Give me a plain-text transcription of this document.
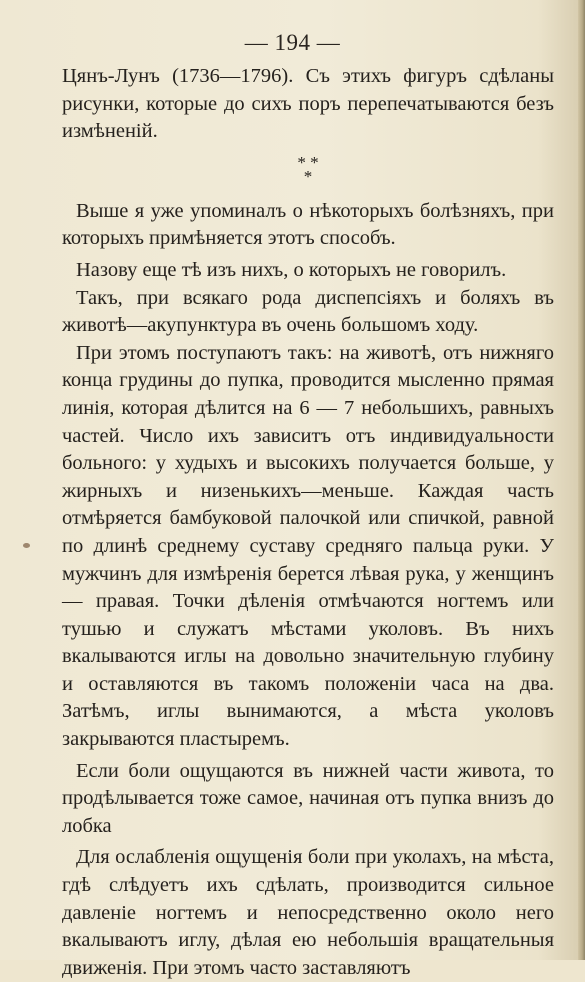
— 194 —

Цянъ-Лунъ (1736—1796). Съ этихъ фигуръ сдѣланы рисунки, которые до сихъ поръ перепечатываются безъ измѣненій.

* *
*

Выше я уже упоминалъ о нѣкоторыхъ болѣзняхъ, при которыхъ примѣняется этотъ способъ.

Назову еще тѣ изъ нихъ, о которыхъ не говорилъ.

Такъ, при всякаго рода диспепсіяхъ и боляхъ въ животѣ—акупунктура въ очень большомъ ходу.

При этомъ поступаютъ такъ: на животѣ, отъ нижняго конца грудины до пупка, проводится мысленно прямая линія, которая дѣлится на 6 — 7 небольшихъ, равныхъ частей. Число ихъ зависитъ отъ индивидуальности больного: у худыхъ и высокихъ получается больше, у жирныхъ и низенькихъ—меньше. Каждая часть отмѣряется бамбуковой палочкой или спичкой, равной по длинѣ среднему суставу средняго пальца руки. У мужчинъ для измѣренія берется лѣвая рука, у женщинъ — правая. Точки дѣленія отмѣчаются ногтемъ или тушью и служатъ мѣстами уколовъ. Въ нихъ вкалываются иглы на довольно значительную глубину и оставляются въ такомъ положеніи часа на два. Затѣмъ, иглы вынимаются, а мѣста уколовъ закрываются пластыремъ.

Если боли ощущаются въ нижней части живота, то продѣлывается тоже самое, начиная отъ пупка внизъ до лобка

Для ослабленія ощущенія боли при уколахъ, на мѣста, гдѣ слѣдуетъ ихъ сдѣлать, производится сильное давленіе ногтемъ и непосредственно около него вкалываютъ иглу, дѣлая ею небольшія вращательныя движенія. При этомъ часто заставляютъ
